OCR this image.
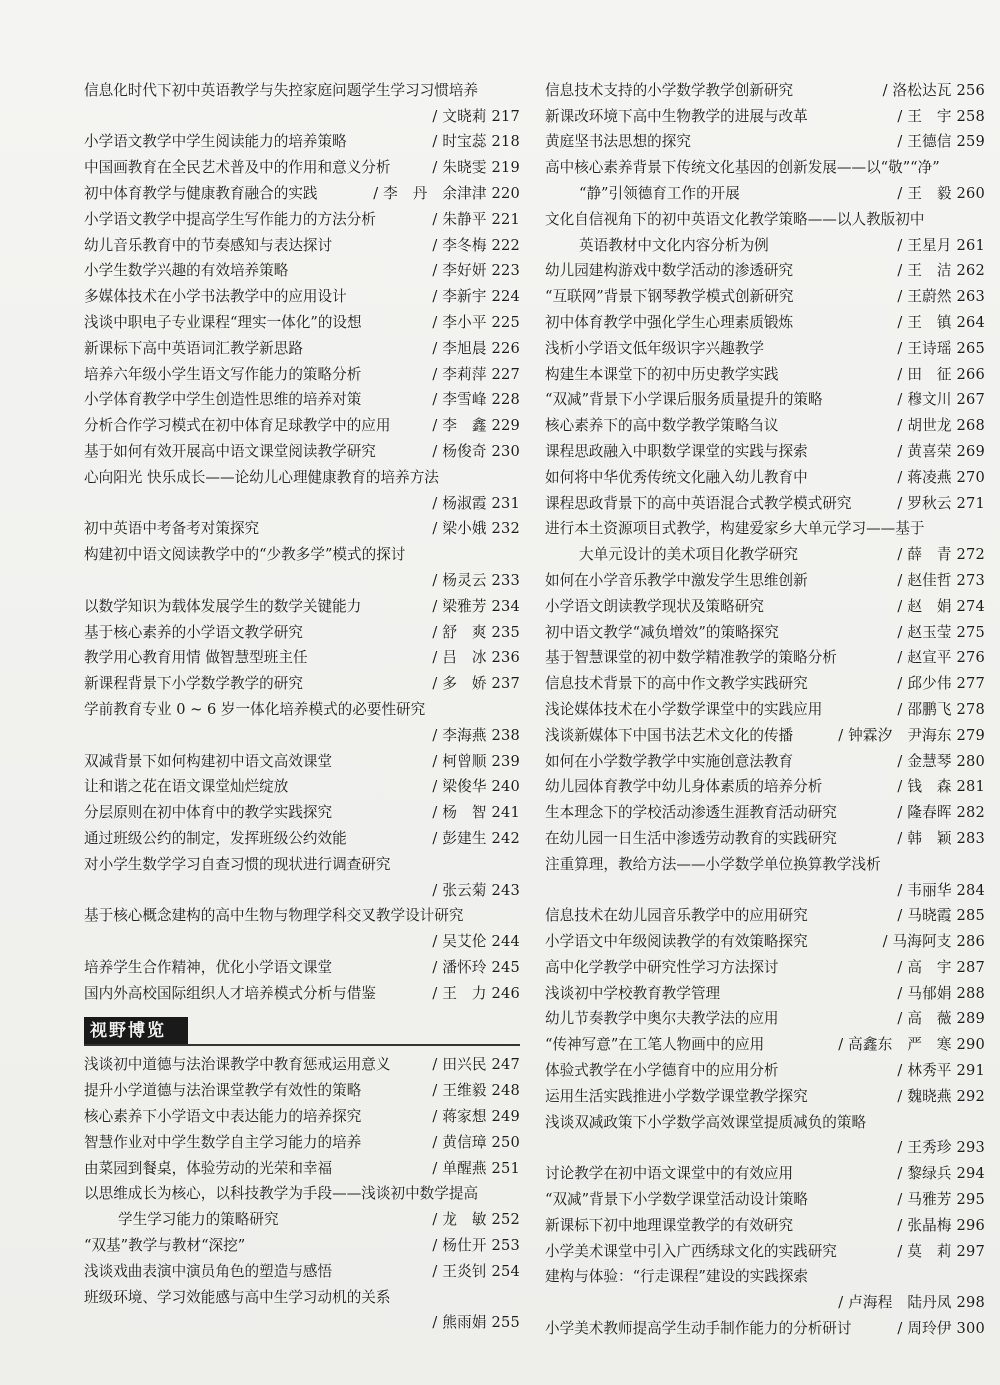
信息化时代下初中英语教学与失控家庭问题学生学习习惯培养
/ 文晓莉 217
小学语文教学中学生阅读能力的培养策略	/ 时宝蕊 218
中国画教育在全民艺术普及中的作用和意义分析	/ 朱晓雯 219
初中体育教学与健康教育融合的实践	/ 李　丹　余津津 220
小学语文教学中提高学生写作能力的方法分析	/ 朱静平 221
幼儿音乐教育中的节奏感知与表达探讨	/ 李冬梅 222
小学生数学兴趣的有效培养策略	/ 李好妍 223
多媒体技术在小学书法教学中的应用设计	/ 李新宇 224
浅谈中职电子专业课程“理实一体化”的设想	/ 李小平 225
新课标下高中英语词汇教学新思路	/ 李旭晨 226
培养六年级小学生语文写作能力的策略分析	/ 李莉萍 227
小学体育教学中学生创造性思维的培养对策	/ 李雪峰 228
分析合作学习模式在初中体育足球教学中的应用	/ 李　鑫 229
基于如何有效开展高中语文课堂阅读教学研究	/ 杨俊奇 230
心向阳光 快乐成长——论幼儿心理健康教育的培养方法
/ 杨淑霞 231
初中英语中考备考对策探究	/ 梁小娥 232
构建初中语文阅读教学中的“少教多学”模式的探讨
/ 杨灵云 233
以数学知识为载体发展学生的数学关键能力	/ 梁雅芳 234
基于核心素养的小学语文教学研究	/ 舒　爽 235
教学用心教育用情 做智慧型班主任	/ 吕　冰 236
新课程背景下小学数学教学的研究	/ 多　娇 237
学前教育专业 0 ~ 6 岁一体化培养模式的必要性研究
/ 李海燕 238
双减背景下如何构建初中语文高效课堂	/ 柯曾顺 239
让和谐之花在语文课堂灿烂绽放	/ 梁俊华 240
分层原则在初中体育中的教学实践探究	/ 杨　智 241
通过班级公约的制定，发挥班级公约效能	/ 彭建生 242
对小学生数学学习自查习惯的现状进行调查研究
/ 张云菊 243
基于核心概念建构的高中生物与物理学科交叉教学设计研究
/ 吴艾伦 244
培养学生合作精神，优化小学语文课堂	/ 潘怀玲 245
国内外高校国际组织人才培养模式分析与借鉴	/ 王　力 246
视野博览
浅谈初中道德与法治课教学中教育惩戒运用意义	/ 田兴民 247
提升小学道德与法治课堂教学有效性的策略	/ 王维毅 248
核心素养下小学语文中表达能力的培养探究	/ 蒋家想 249
智慧作业对中学生数学自主学习能力的培养	/ 黄信璋 250
由菜园到餐桌，体验劳动的光荣和幸福	/ 单醒燕 251
以思维成长为核心，以科技教学为手段——浅谈初中数学提高
学生学习能力的策略研究	/ 龙　敏 252
“双基”教学与教材“深挖”	/ 杨仕开 253
浅谈戏曲表演中演员角色的塑造与感悟	/ 王炎钊 254
班级环境、学习效能感与高中生学习动机的关系
/ 熊雨娟 255
信息技术支持的小学数学教学创新研究	/ 洛松达瓦 256
新课改环境下高中生物教学的进展与改革	/ 王　宇 258
黄庭坚书法思想的探究	/ 王德信 259
高中核心素养背景下传统文化基因的创新发展——以“敬”“净”
“静”引领德育工作的开展	/ 王　毅 260
文化自信视角下的初中英语文化教学策略——以人教版初中
英语教材中文化内容分析为例	/ 王星月 261
幼儿园建构游戏中数学活动的渗透研究	/ 王　洁 262
“互联网”背景下钢琴教学模式创新研究	/ 王蔚然 263
初中体育教学中强化学生心理素质锻炼	/ 王　镇 264
浅析小学语文低年级识字兴趣教学	/ 王诗瑶 265
构建生本课堂下的初中历史教学实践	/ 田　征 266
“双减”背景下小学课后服务质量提升的策略	/ 穆文川 267
核心素养下的高中数学教学策略刍议	/ 胡世龙 268
课程思政融入中职数学课堂的实践与探索	/ 黄喜荣 269
如何将中华优秀传统文化融入幼儿教育中	/ 蒋凌燕 270
课程思政背景下的高中英语混合式教学模式研究	/ 罗秋云 271
进行本土资源项目式教学，构建爱家乡大单元学习——基于
大单元设计的美术项目化教学研究	/ 薛　青 272
如何在小学音乐教学中激发学生思维创新	/ 赵佳哲 273
小学语文朗读教学现状及策略研究	/ 赵　娟 274
初中语文教学“减负增效”的策略探究	/ 赵玉莹 275
基于智慧课堂的初中数学精准教学的策略分析	/ 赵宣平 276
信息技术背景下的高中作文教学实践研究	/ 邱少伟 277
浅论媒体技术在小学数学课堂中的实践应用	/ 邵鹏飞 278
浅谈新媒体下中国书法艺术文化的传播	/ 钟霖汐　尹海东 279
如何在小学数学教学中实施创意法教育	/ 金慧琴 280
幼儿园体育教学中幼儿身体素质的培养分析	/ 钱　森 281
生本理念下的学校活动渗透生涯教育活动研究	/ 隆春晖 282
在幼儿园一日生活中渗透劳动教育的实践研究	/ 韩　颖 283
注重算理，教给方法——小学数学单位换算教学浅析
/ 韦丽华 284
信息技术在幼儿园音乐教学中的应用研究	/ 马晓霞 285
小学语文中年级阅读教学的有效策略探究	/ 马海阿支 286
高中化学教学中研究性学习方法探讨	/ 高　宇 287
浅谈初中学校教育教学管理	/ 马郁娟 288
幼儿节奏教学中奥尔夫教学法的应用	/ 高　薇 289
“传神写意”在工笔人物画中的应用	/ 高鑫东　严　寒 290
体验式教学在小学德育中的应用分析	/ 林秀平 291
运用生活实践推进小学数学课堂教学探究	/ 魏晓燕 292
浅谈双减政策下小学数学高效课堂提质减负的策略
/ 王秀珍 293
讨论教学在初中语文课堂中的有效应用	/ 黎绿兵 294
“双减”背景下小学数学课堂活动设计策略	/ 马雅芳 295
新课标下初中地理课堂教学的有效研究	/ 张晶梅 296
小学美术课堂中引入广西绣球文化的实践研究	/ 莫　莉 297
建构与体验：“行走课程”建设的实践探索
/ 卢海程　陆丹凤 298
小学美术教师提高学生动手制作能力的分析研讨	/ 周玲伊 300
